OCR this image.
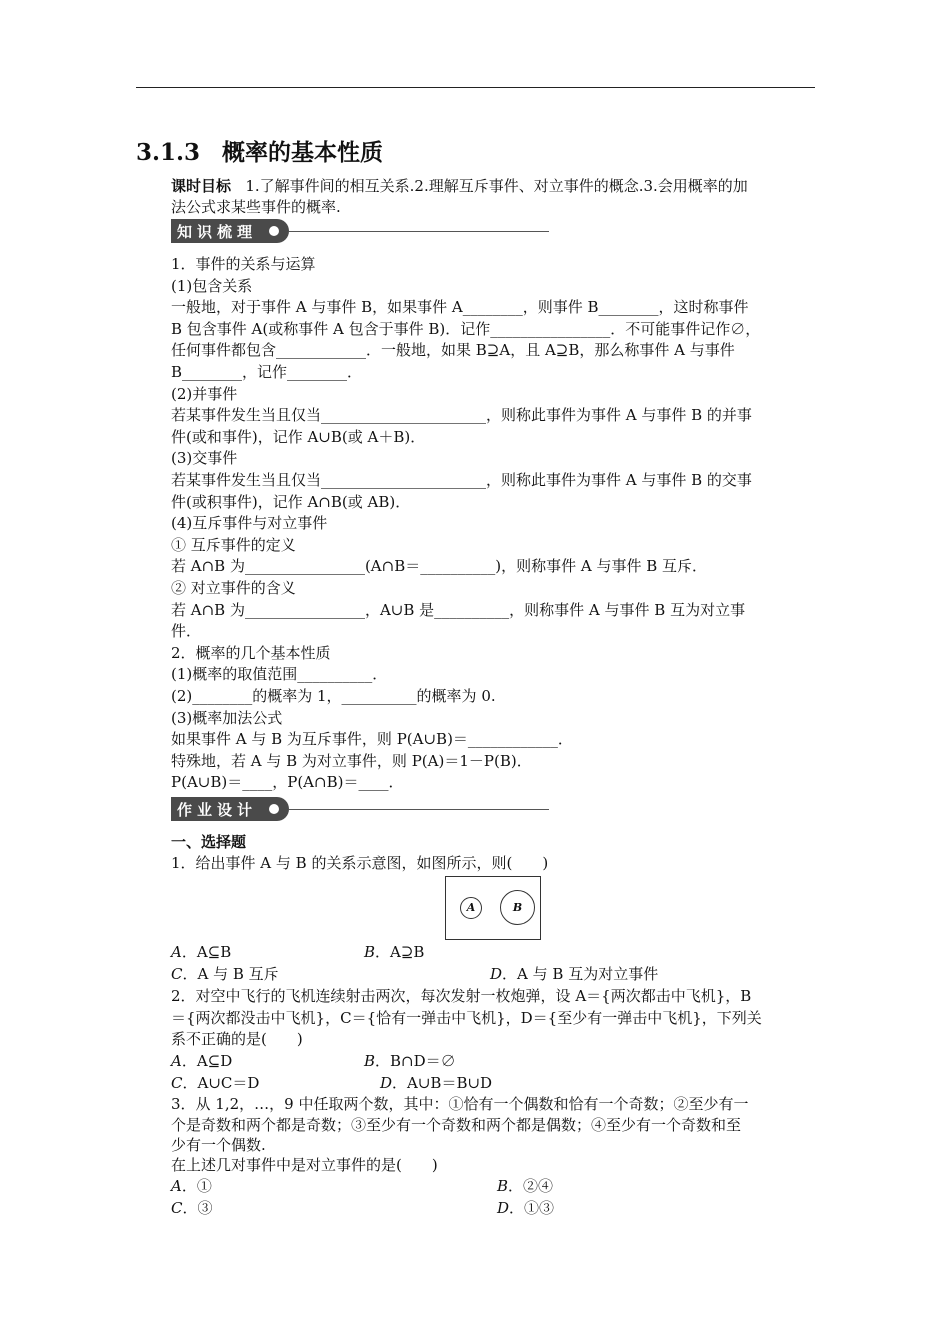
3.1.3 概率的基本性质
课时目标 1.了解事件间的相互关系.2.理解互斥事件、对立事件的概念.3.会用概率的加
法公式求某些事件的概率.
知识梳理
1．事件的关系与运算
(1)包含关系
一般地，对于事件 A 与事件 B，如果事件 A________，则事件 B________，这时称事件
B 包含事件 A(或称事件 A 包含于事件 B)．记作________________．不可能事件记作∅，
任何事件都包含____________．一般地，如果 B⊇A，且 A⊇B，那么称事件 A 与事件
B________，记作________．
(2)并事件
若某事件发生当且仅当______________________，则称此事件为事件 A 与事件 B 的并事
件(或和事件)，记作 A∪B(或 A＋B)．
(3)交事件
若某事件发生当且仅当______________________，则称此事件为事件 A 与事件 B 的交事
件(或积事件)，记作 A∩B(或 AB)．
(4)互斥事件与对立事件
① 互斥事件的定义
若 A∩B 为________________(A∩B＝__________)，则称事件 A 与事件 B 互斥．
② 对立事件的含义
若 A∩B 为________________，A∪B 是__________，则称事件 A 与事件 B 互为对立事
件．
2．概率的几个基本性质
(1)概率的取值范围__________．
(2)________的概率为 1，__________的概率为 0.
(3)概率加法公式
如果事件 A 与 B 为互斥事件，则 P(A∪B)＝____________．
特殊地，若 A 与 B 为对立事件，则 P(A)＝1－P(B)．
P(A∪B)＝____，P(A∩B)＝____．
作业设计
一、选择题
1．给出事件 A 与 B 的关系示意图，如图所示，则(　　)
A	B
A．A⊆B	B．A⊇B
C．A 与 B 互斥	D．A 与 B 互为对立事件
2．对空中飞行的飞机连续射击两次，每次发射一枚炮弹，设 A＝{两次都击中飞机}，B
＝{两次都没击中飞机}，C＝{恰有一弹击中飞机}，D＝{至少有一弹击中飞机}，下列关
系不正确的是(　　)
A．A⊆D	B．B∩D＝∅
C．A∪C＝D	D．A∪B＝B∪D
3．从 1,2，…，9 中任取两个数，其中：①恰有一个偶数和恰有一个奇数；②至少有一
个是奇数和两个都是奇数；③至少有一个奇数和两个都是偶数；④至少有一个奇数和至
少有一个偶数.
在上述几对事件中是对立事件的是(　　)
A．①	B．②④
C．③	D．①③
